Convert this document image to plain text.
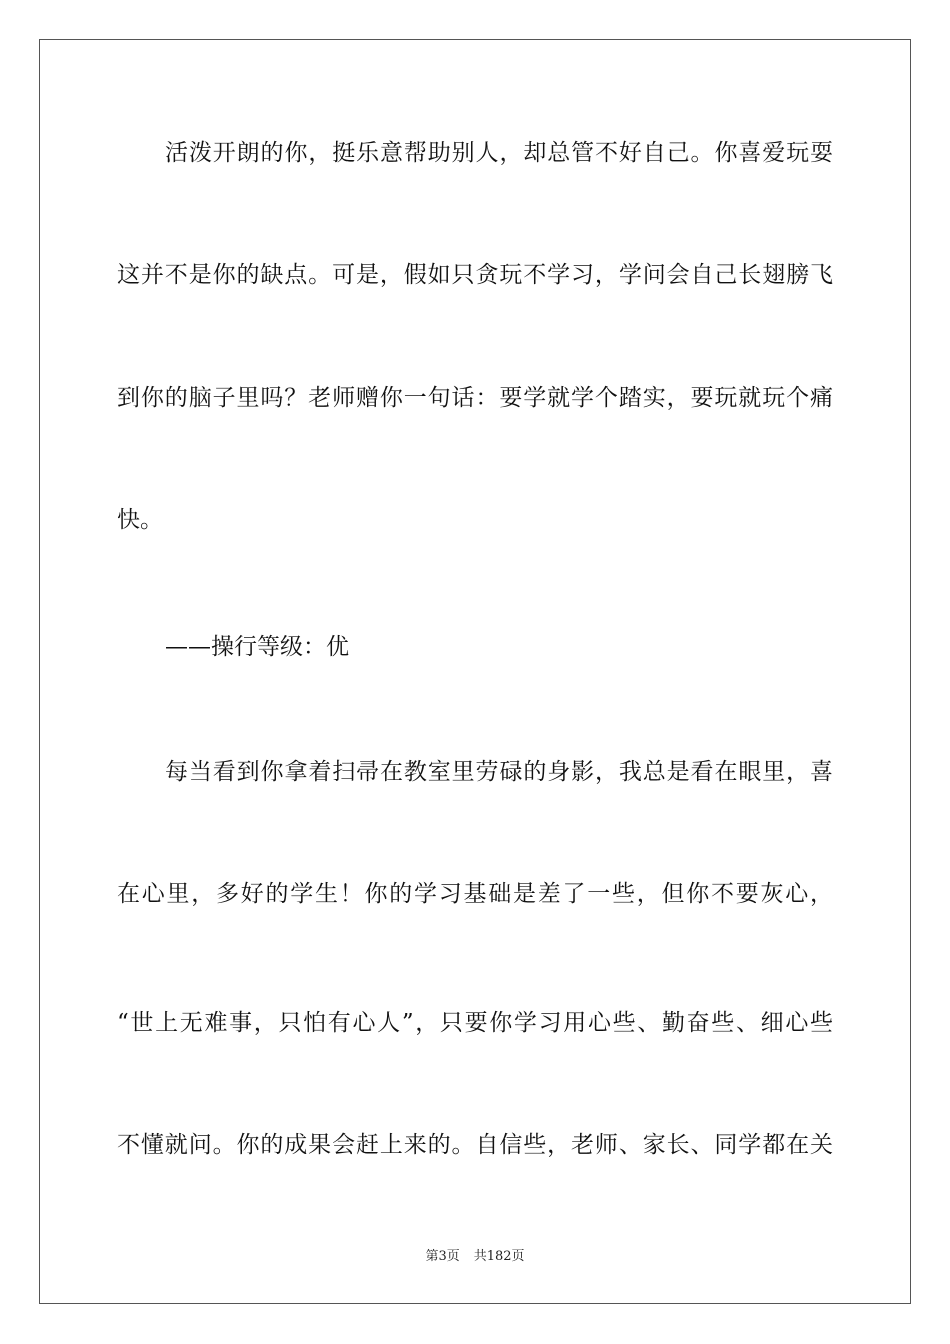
活泼开朗的你，挺乐意帮助别人，却总管不好自己。你喜爱玩耍
这并不是你的缺点。可是，假如只贪玩不学习，学问会自己长翅膀飞
到你的脑子里吗？老师赠你一句话：要学就学个踏实，要玩就玩个痛
快。
——操行等级：优
每当看到你拿着扫帚在教室里劳碌的身影，我总是看在眼里，喜
在心里，多好的学生！你的学习基础是差了一些，但你不要灰心，
“世上无难事，只怕有心人”，只要你学习用心些、勤奋些、细心些
不懂就问。你的成果会赶上来的。自信些，老师、家长、同学都在关
第3页 共182页
